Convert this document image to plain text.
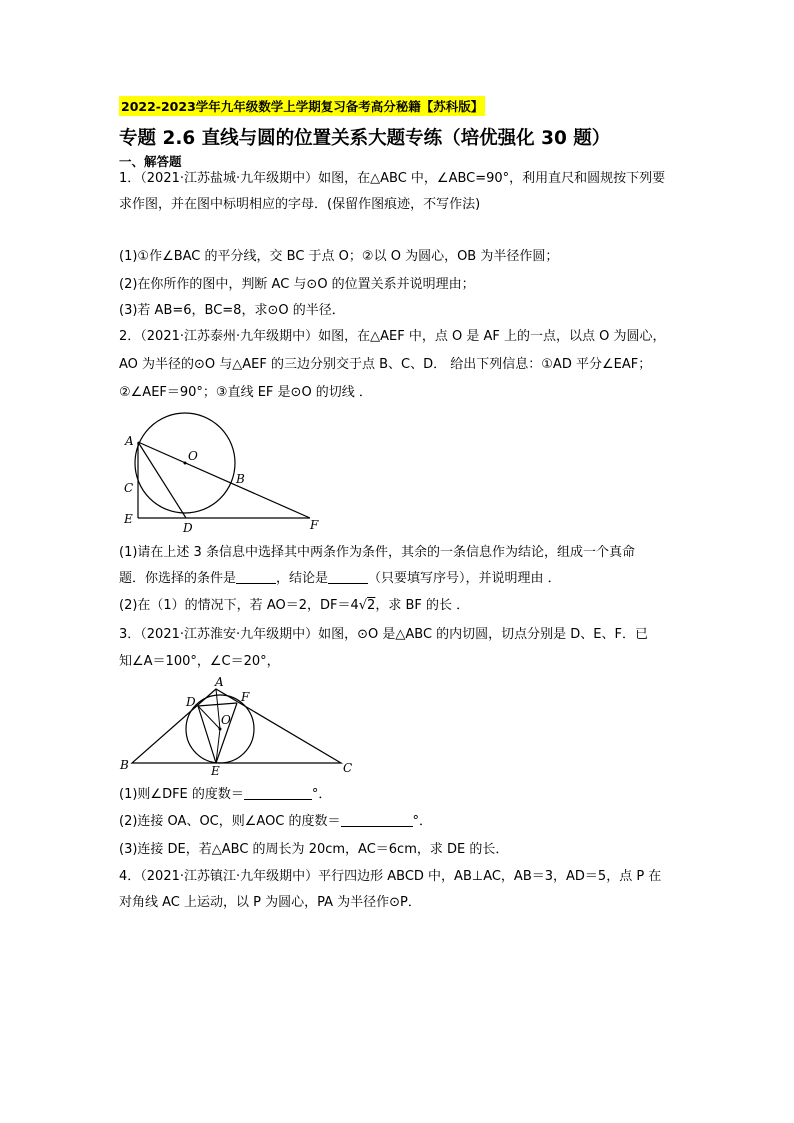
2022-2023学年九年级数学上学期复习备考高分秘籍【苏科版】
专题 2.6 直线与圆的位置关系大题专练（培优强化 30 题）
一、解答题
1．（2021·江苏盐城·九年级期中）如图，在△ABC 中，∠ABC=90°，利用直尺和圆规按下列要
求作图，并在图中标明相应的字母．(保留作图痕迹，不写作法)
(1)①作∠BAC 的平分线，交 BC 于点 O；②以 O 为圆心，OB 为半径作圆；
(2)在你所作的图中，判断 AC 与⊙O 的位置关系并说明理由；
(3)若 AB=6，BC=8，求⊙O 的半径．
2．（2021·江苏泰州·九年级期中）如图，在△AEF 中，点 O 是 AF 上的一点，以点 O 为圆心，
AO 为半径的⊙O 与△AEF 的三边分别交于点 B、C、D． 给出下列信息：①AD 平分∠EAF；
②∠AEF＝90°；③直线 EF 是⊙O 的切线 ．
A
O
B
C
E
D	F
(1)请在上述 3 条信息中选择其中两条作为条件，其余的一条信息作为结论，组成一个真命
题．你选择的条件是	，结论是	（只要填写序号），并说明理由 ．
(2)在（1）的情况下，若 AO＝2，DF＝4√2，求 BF 的长 ．
3．（2021·江苏淮安·九年级期中）如图，⊙O 是△ABC 的内切圆，切点分别是 D、E、F．已
知∠A＝100°，∠C＝20°，
A
D	F
O
B	E	C
(1)则∠DFE 的度数＝	°．
(2)连接 OA、OC，则∠AOC 的度数＝	°．
(3)连接 DE，若△ABC 的周长为 20cm，AC＝6cm，求 DE 的长．
4．（2021·江苏镇江·九年级期中）平行四边形 ABCD 中，AB⊥AC，AB＝3，AD＝5，点 P 在
对角线 AC 上运动，以 P 为圆心，PA 为半径作⊙P．
